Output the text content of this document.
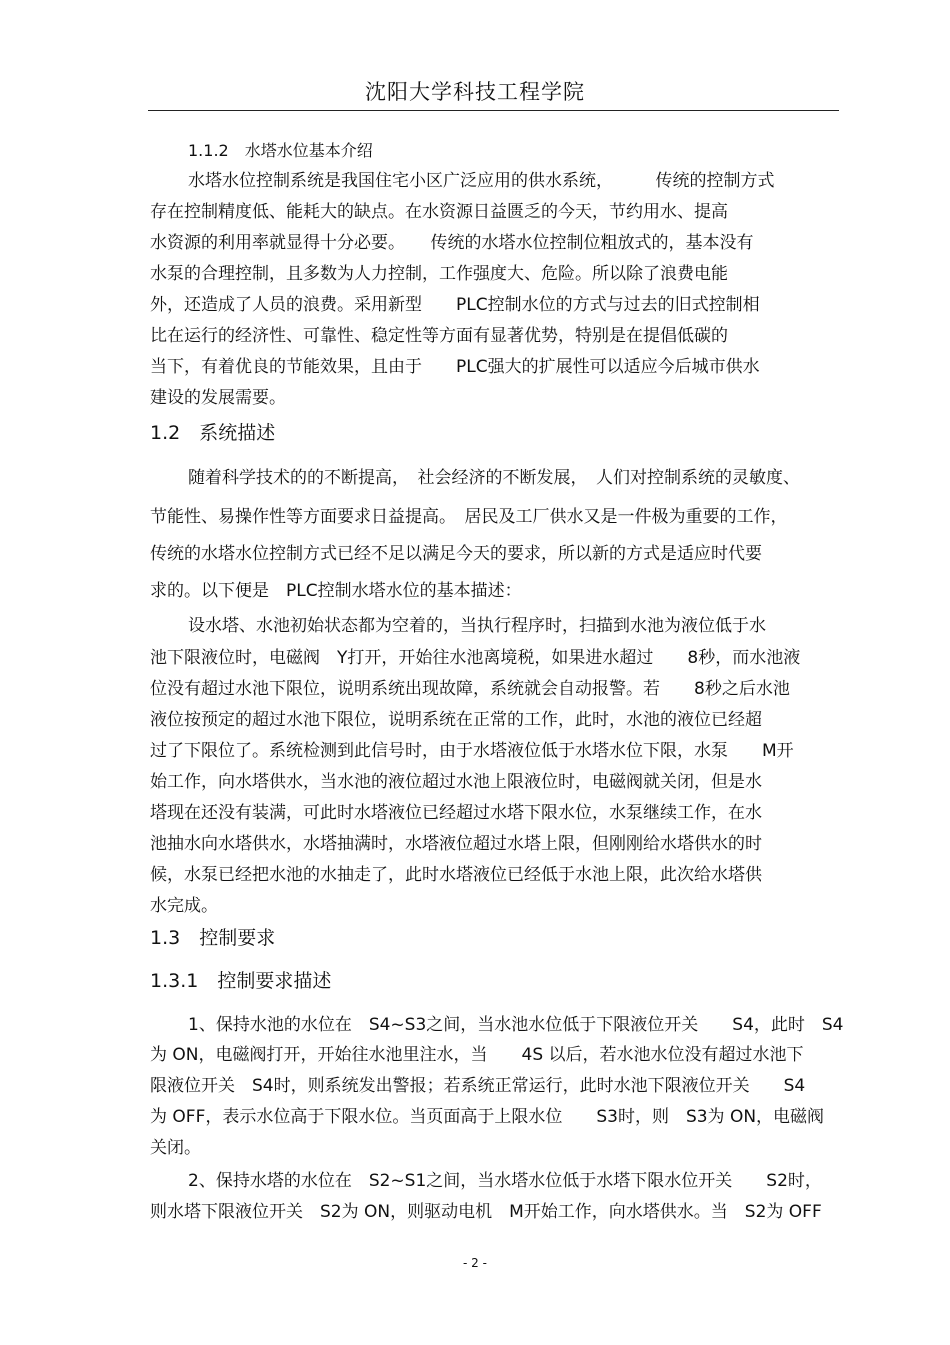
沈阳大学科技工程学院
1.1.2　水塔水位基本介绍
水塔水位控制系统是我国住宅小区广泛应用的供水系统，　　　传统的控制方式
存在控制精度低、能耗大的缺点。在水资源日益匮乏的今天，节约用水、提高
水资源的利用率就显得十分必要。　　传统的水塔水位控制位粗放式的，基本没有
水泵的合理控制，且多数为人力控制，工作强度大、危险。所以除了浪费电能
外，还造成了人员的浪费。采用新型　　PLC控制水位的方式与过去的旧式控制相
比在运行的经济性、可靠性、稳定性等方面有显著优势，特别是在提倡低碳的
当下，有着优良的节能效果，且由于　　PLC强大的扩展性可以适应今后城市供水
建设的发展需要。
1.2　系统描述
随着科学技术的的不断提高，　社会经济的不断发展，　人们对控制系统的灵敏度、
节能性、易操作性等方面要求日益提高。　居民及工厂供水又是一件极为重要的工作，
传统的水塔水位控制方式已经不足以满足今天的要求，所以新的方式是适应时代要
求的。以下便是　PLC控制水塔水位的基本描述：
设水塔、水池初始状态都为空着的，当执行程序时，扫描到水池为液位低于水
池下限液位时，电磁阀　Y打开，开始往水池离境税，如果进水超过　　8秒，而水池液
位没有超过水池下限位，说明系统出现故障，系统就会自动报警。若　　8秒之后水池
液位按预定的超过水池下限位，说明系统在正常的工作，此时，水池的液位已经超
过了下限位了。系统检测到此信号时，由于水塔液位低于水塔水位下限，水泵　　M开
始工作，向水塔供水，当水池的液位超过水池上限液位时，电磁阀就关闭，但是水
塔现在还没有装满，可此时水塔液位已经超过水塔下限水位，水泵继续工作，在水
池抽水向水塔供水，水塔抽满时，水塔液位超过水塔上限，但刚刚给水塔供水的时
候，水泵已经把水池的水抽走了，此时水塔液位已经低于水池上限，此次给水塔供
水完成。
1.3　控制要求
1.3.1　控制要求描述
1、保持水池的水位在　S4~S3之间，当水池水位低于下限液位开关　　S4，此时　S4
为 ON，电磁阀打开，开始往水池里注水，当　　4S 以后，若水池水位没有超过水池下
限液位开关　S4时，则系统发出警报；若系统正常运行，此时水池下限液位开关　　S4
为 OFF，表示水位高于下限水位。当页面高于上限水位　　S3时，则　S3为 ON，电磁阀
关闭。
2、保持水塔的水位在　S2~S1之间，当水塔水位低于水塔下限水位开关　　S2时，
则水塔下限液位开关　S2为 ON，则驱动电机　M开始工作，向水塔供水。当　S2为 OFF
- 2 -
